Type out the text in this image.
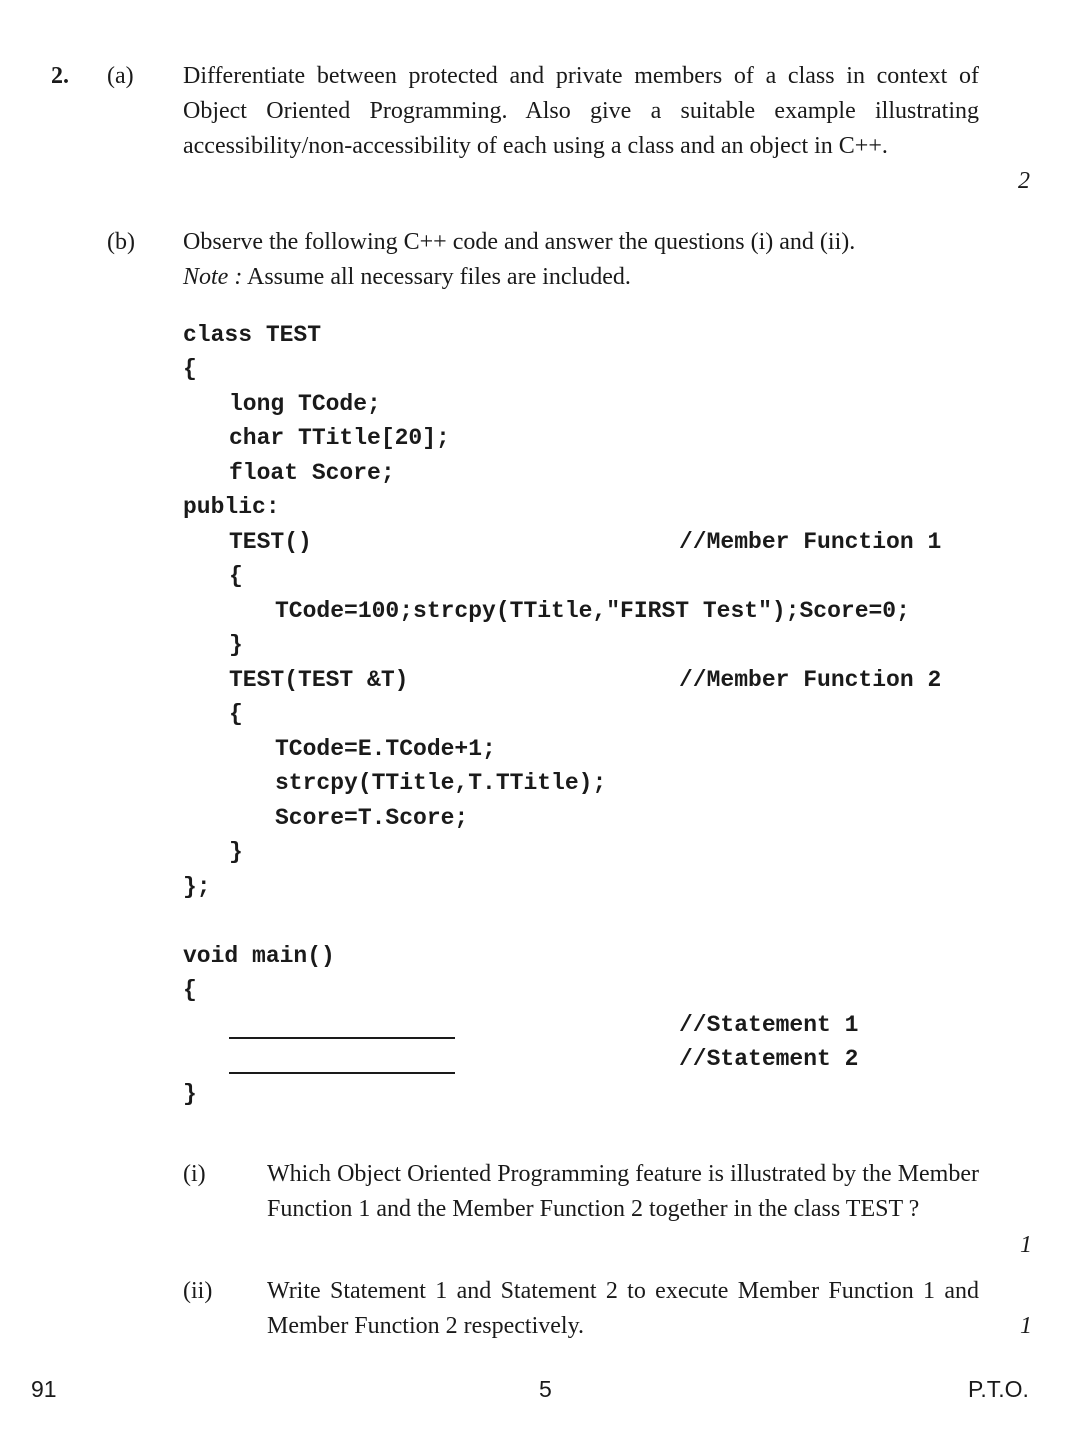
2. (a) Differentiate between protected and private members of a class in context of Object Oriented Programming. Also give a suitable example illustrating accessibility/non-accessibility of each using a class and an object in C++.
2
(b) Observe the following C++ code and answer the questions (i) and (ii).
Note : Assume all necessary files are included.
class TEST
{
long TCode;
char TTitle[20];
float Score;
public:
TEST()	//Member Function 1
{
TCode=100;strcpy(TTitle,"FIRST Test");Score=0;
}
TEST(TEST &T)	//Member Function 2
{
TCode=E.TCode+1;
strcpy(TTitle,T.TTitle);
Score=T.Score;
}
};
void main()
{
//Statement 1
//Statement 2
}
(i)	Which Object Oriented Programming feature is illustrated by the Member Function 1 and the Member Function 2 together in the class TEST ?
1
(ii) Write Statement 1 and Statement 2 to execute Member Function 1 and Member Function 2 respectively.	1
91	5	P.T.O.
